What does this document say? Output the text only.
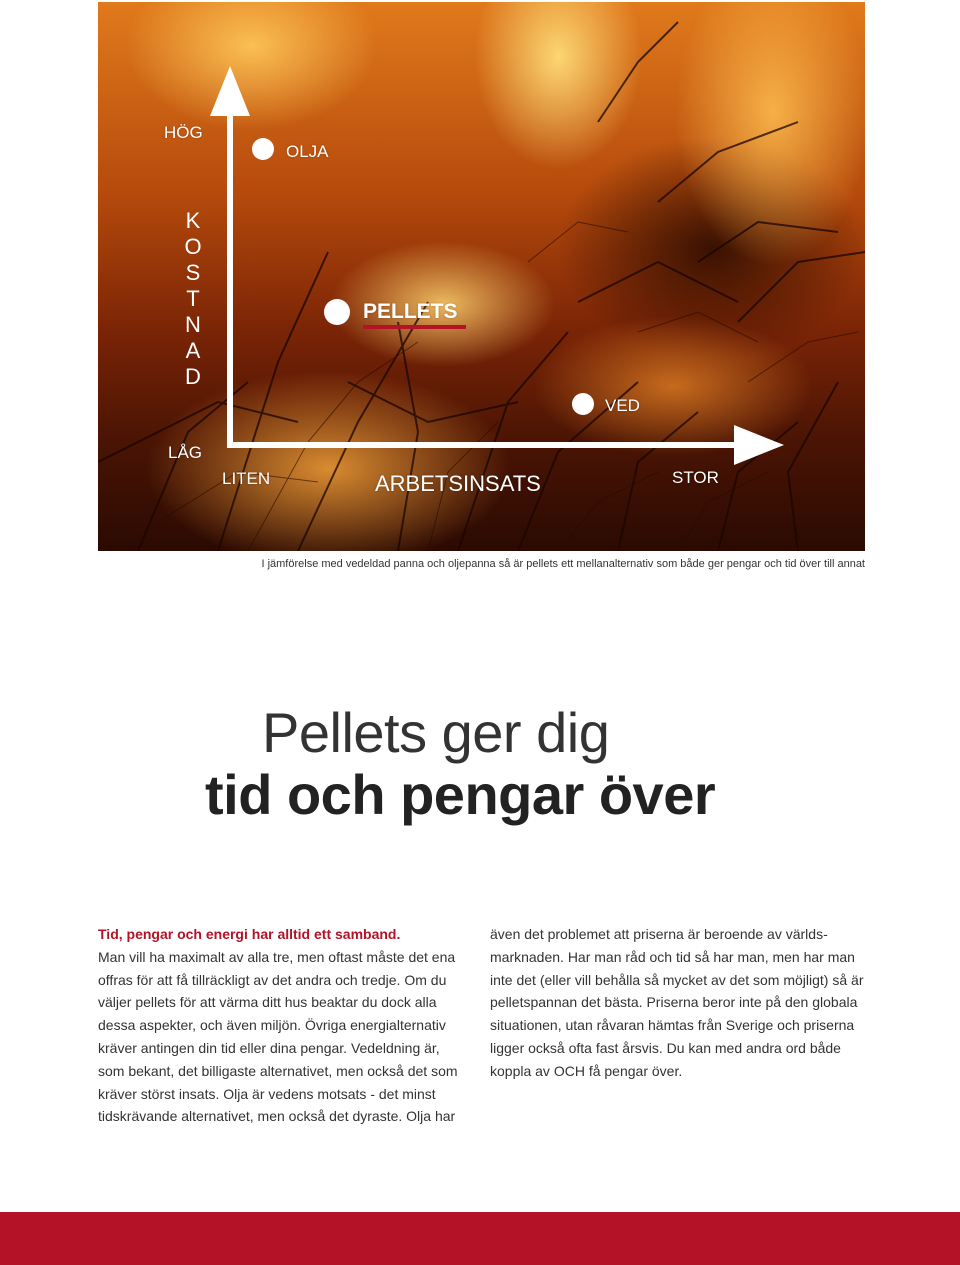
HÖG
LÅG
K
O
S
T
N
A
D
LITEN	ARBETSINSATS	STOR
OLJA
PELLETS
VED
I jämförelse med vedeldad panna och oljepanna så är pellets ett mellanalternativ som både ger pengar och tid över till annat
Pellets ger dig
tid och pengar över
Tid, pengar och energi har alltid ett samband.

Man vill ha maximalt av alla tre, men oftast måste det ena offras för att få tillräckligt av det andra och tredje. Om du väljer pellets för att värma ditt hus beaktar du dock alla dessa aspekter, och även miljön. Övriga energialternativ kräver antingen din tid eller dina pengar. Vedeldning är, som bekant, det billigaste alternativet, men också det som kräver störst insats. Olja är vedens motsats - det minst tidskrävande alternativet, men också det dyraste. Olja har

även det problemet att priserna är beroende av världs-marknaden. Har man råd och tid så har man, men har man inte det (eller vill behålla så mycket av det som möjligt) så är pelletspannan det bästa. Priserna beror inte på den globala situationen, utan råvaran hämtas från Sverige och priserna ligger också ofta fast årsvis. Du kan med andra ord både koppla av OCH få pengar över.
